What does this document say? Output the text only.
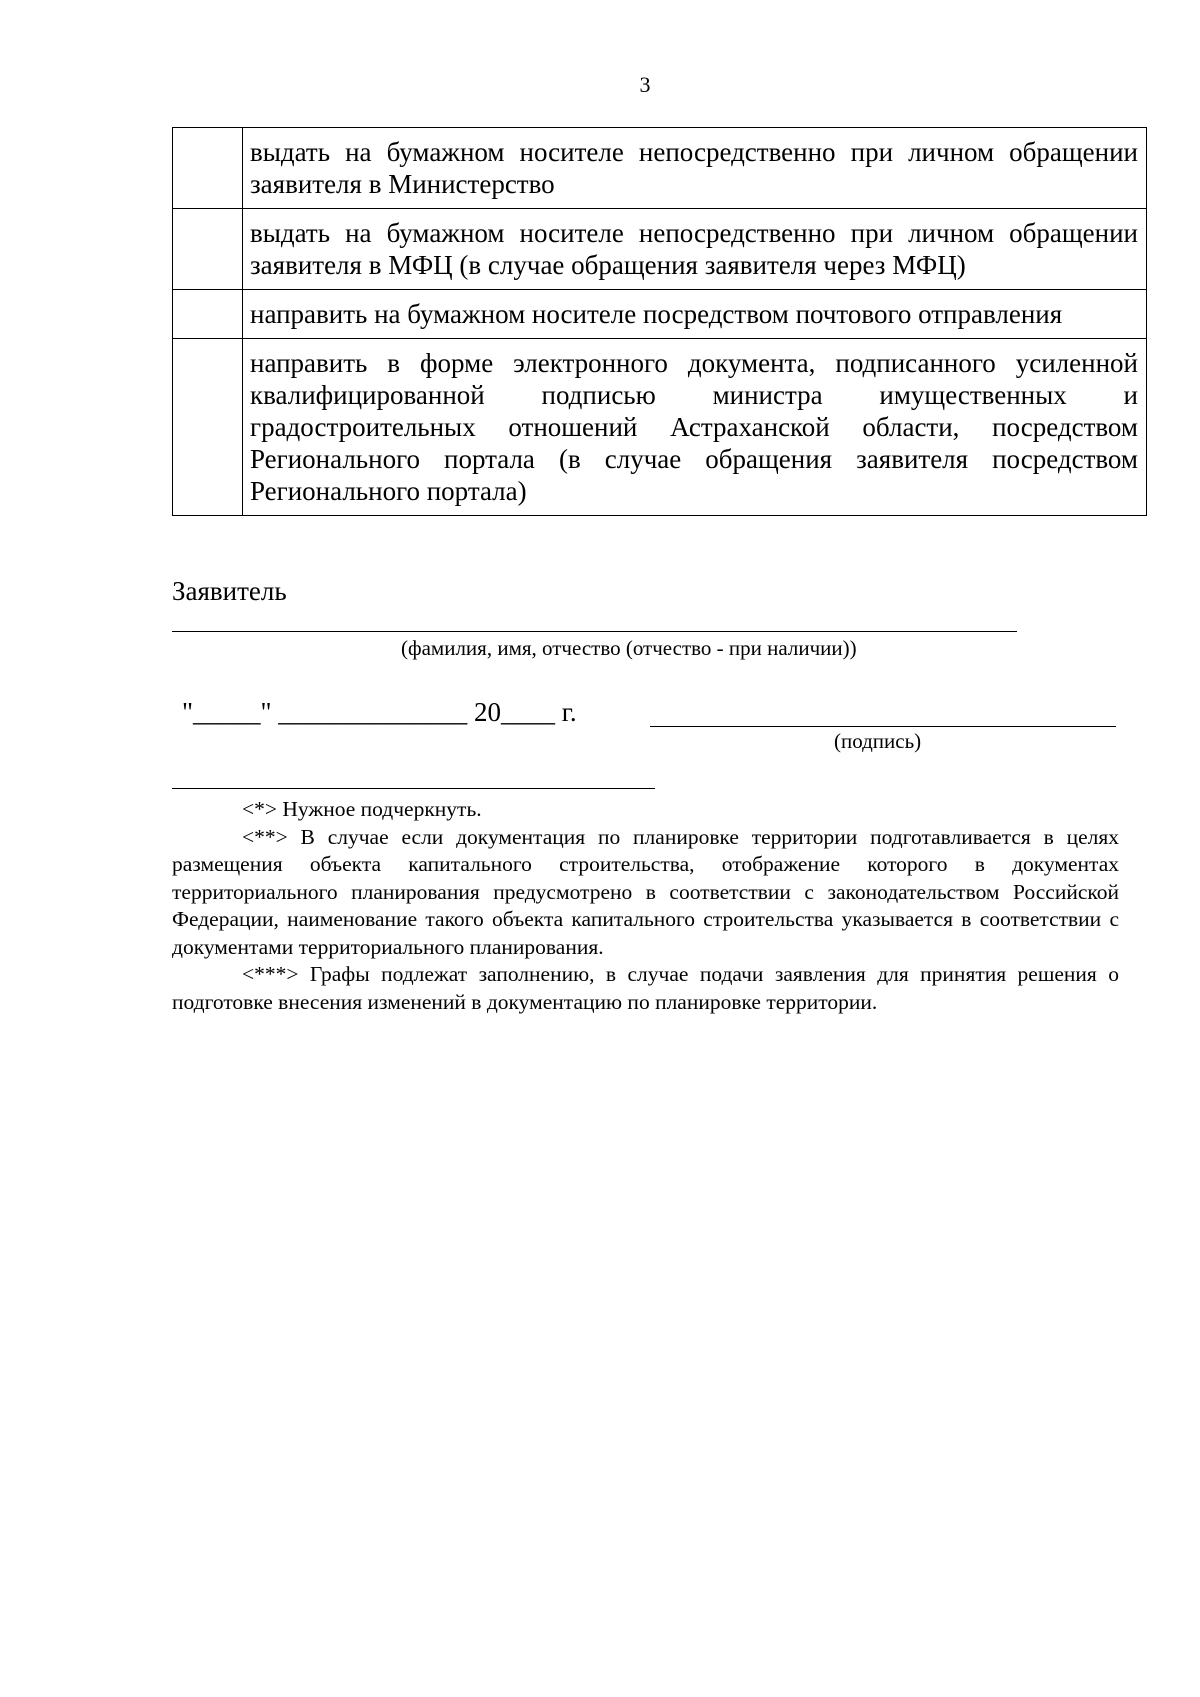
3
	выдать на бумажном носителе непосредственно при личном обращении заявителя в Министерство
	выдать на бумажном носителе непосредственно при личном обращении заявителя в МФЦ (в случае обращения заявителя через МФЦ)
	направить на бумажном носителе посредством почтового отправления
	направить в форме электронного документа, подписанного усиленной квалифицированной подписью министра имущественных и градостроительных отношений Астраханской области, посредством Регионального портала (в случае обращения заявителя посредством Регионального портала)
Заявитель
(фамилия, имя, отчество (отчество - при наличии))
"_____" ______________ 20____ г.
(подпись)

<*> Нужное подчеркнуть.

<**> В случае если документация по планировке территории подготавливается в целях размещения объекта капитального строительства, отображение которого в документах территориального планирования предусмотрено в соответствии с законодательством Российской Федерации, наименование такого объекта капитального строительства указывается в соответствии с документами территориального планирования.

<***> Графы подлежат заполнению, в случае подачи заявления для принятия решения о подготовке внесения изменений в документацию по планировке территории.
